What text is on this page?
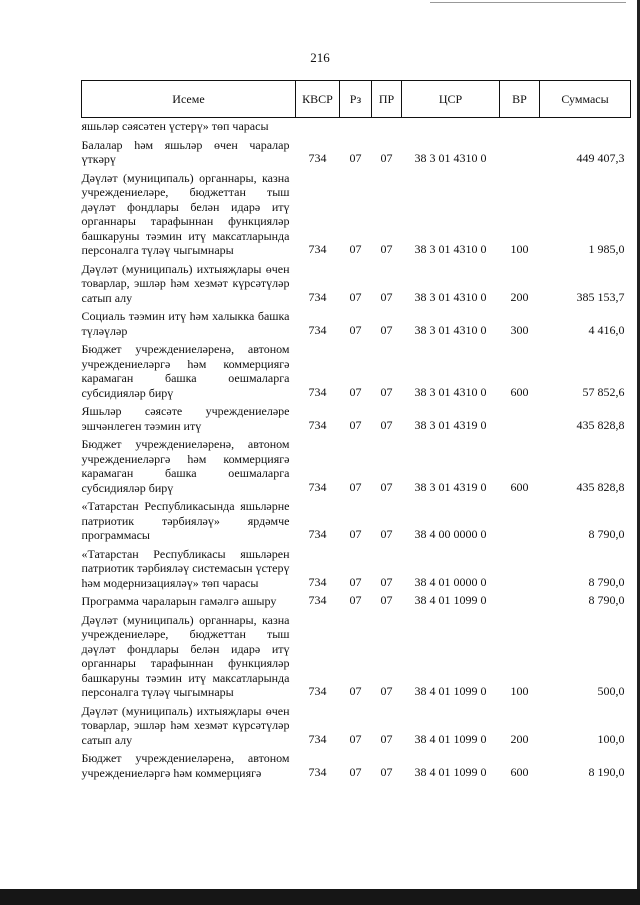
216
Исеме	КВСР	Рз	ПР	ЦСР	ВР	Суммасы
яшьләр сәясәтен үстерү» төп чарасы						
Балалар һәм яшьләр өчен чаралар үткәрү	734	07	07	38 3 01 4310 0		449 407,3
Дәүләт (муниципаль) органнары, казна учреждениеләре, бюджеттан тыш дәүләт фондлары белән идарә итү органнары тарафыннан функцияләр башкаруны тәэмин итү максатларында персоналга түләү чыгымнары	734	07	07	38 3 01 4310 0	100	1 985,0
Дәүләт (муниципаль) ихтыяҗлары өчен товарлар, эшләр һәм хезмәт күрсәтүләр сатып алу	734	07	07	38 3 01 4310 0	200	385 153,7
Социаль тәэмин итү һәм халыкка башка түләүләр	734	07	07	38 3 01 4310 0	300	4 416,0
Бюджет учреждениеләренә, автоном учреждениеләргә һәм коммерциягә карамаган башка оешмаларга субсидияләр бирү	734	07	07	38 3 01 4310 0	600	57 852,6
Яшьләр сәясәте учреждениеләре эшчәнлеген тәэмин итү	734	07	07	38 3 01 4319 0		435 828,8
Бюджет учреждениеләренә, автоном учреждениеләргә һәм коммерциягә карамаган башка оешмаларга субсидияләр бирү	734	07	07	38 3 01 4319 0	600	435 828,8
«Татарстан Республикасында яшьләрне патриотик тәрбияләү» ярдәмче программасы	734	07	07	38 4 00 0000 0		8 790,0
«Татарстан Республикасы яшьләрен патриотик тәрбияләү системасын үстерү һәм модернизацияләү» төп чарасы	734	07	07	38 4 01 0000 0		8 790,0
Программа чараларын гамәлгә ашыру	734	07	07	38 4 01 1099 0		8 790,0
Дәүләт (муниципаль) органнары, казна учреждениеләре, бюджеттан тыш дәүләт фондлары белән идарә итү органнары тарафыннан функцияләр башкаруны тәэмин итү максатларында персоналга түләү чыгымнары	734	07	07	38 4 01 1099 0	100	500,0
Дәүләт (муниципаль) ихтыяҗлары өчен товарлар, эшләр һәм хезмәт күрсәтүләр сатып алу	734	07	07	38 4 01 1099 0	200	100,0
Бюджет учреждениеләренә, автоном учреждениеләргә һәм коммерциягә	734	07	07	38 4 01 1099 0	600	8 190,0
